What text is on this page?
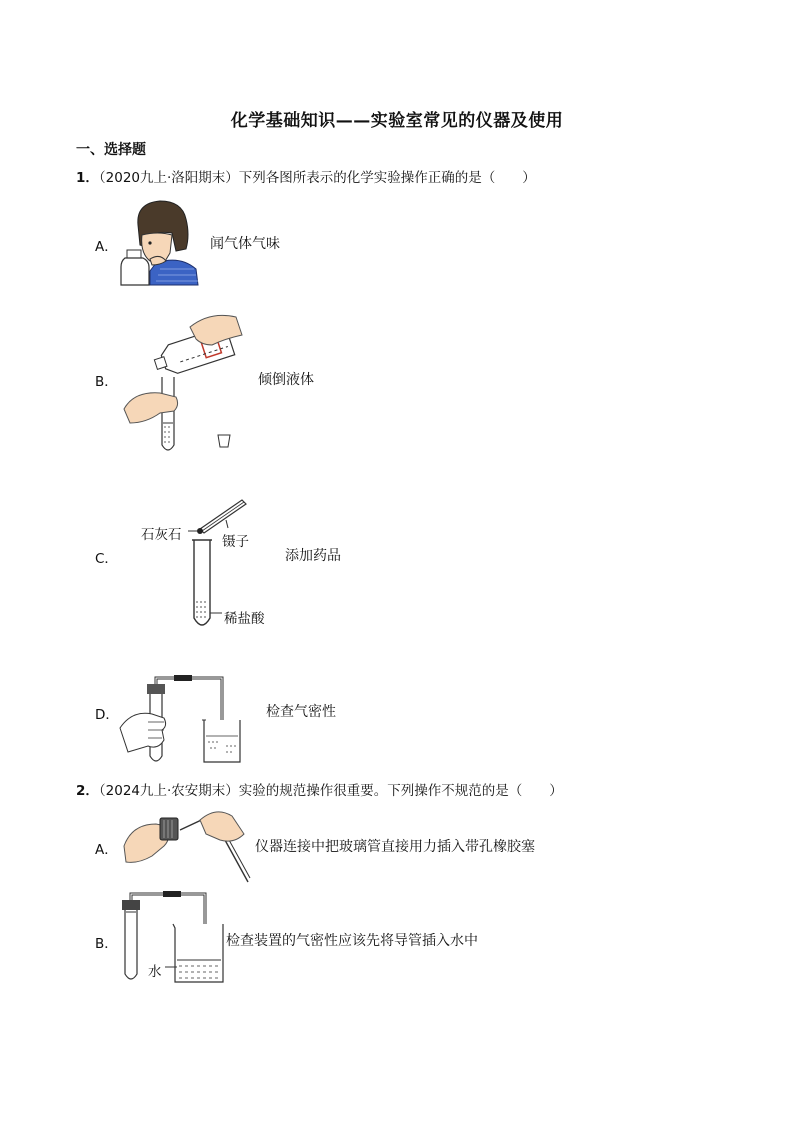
化学基础知识——实验室常见的仪器及使用
一、选择题
1．（2020九上·洛阳期末）下列各图所表示的化学实验操作正确的是（　　）
A．	闻气体气味
B．	倾倒液体
C．
石灰石	镊子
稀盐酸
添加药品
D．	检查气密性
2．（2024九上·农安期末）实验的规范操作很重要。下列操作不规范的是（　　）
A．	仪器连接中把玻璃管直接用力插入带孔橡胶塞
B．
水
检查装置的气密性应该先将导管插入水中
